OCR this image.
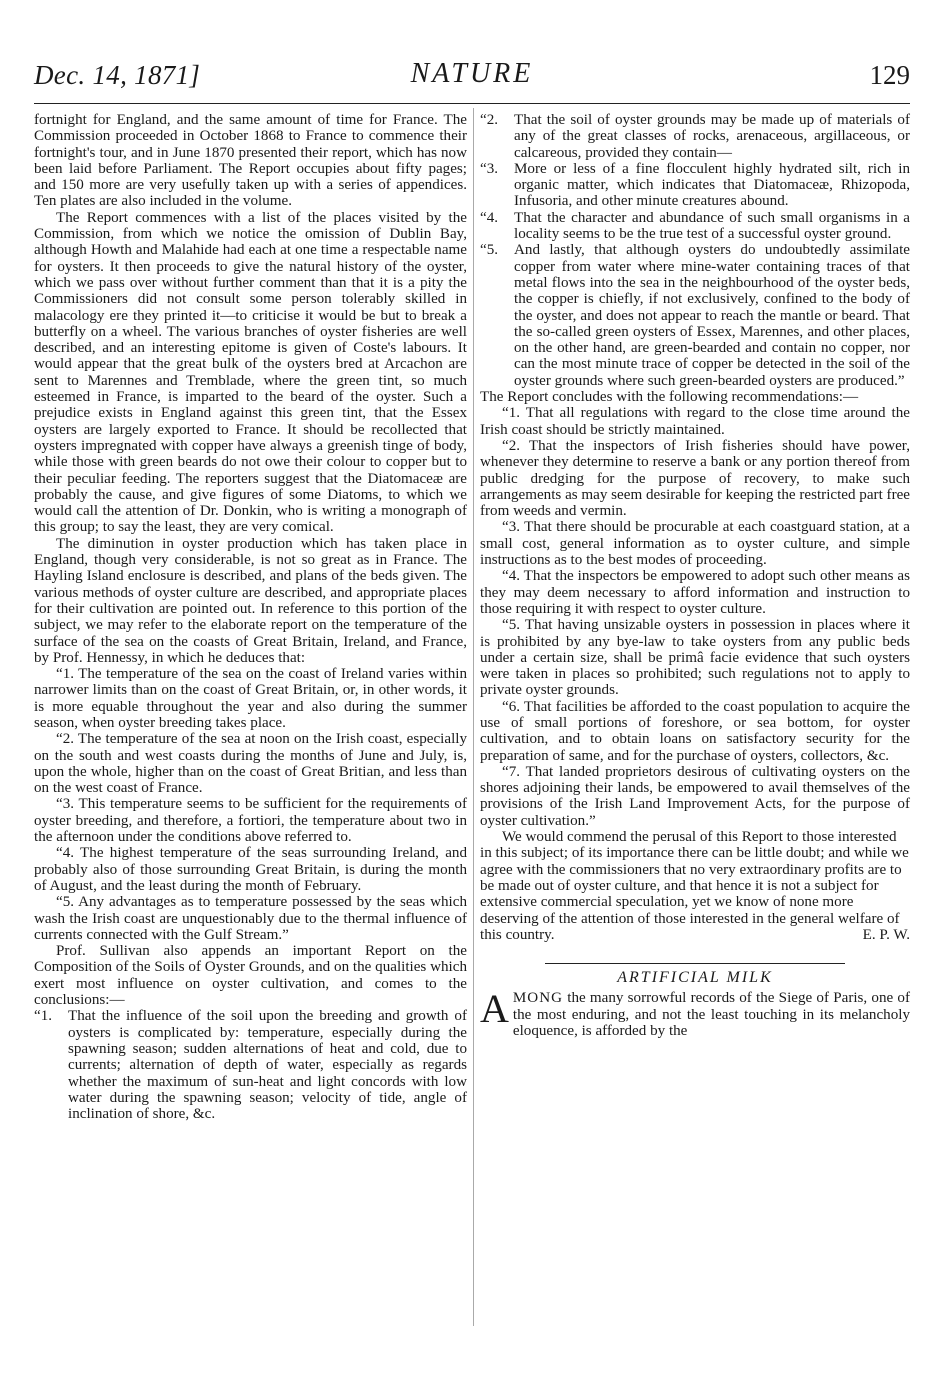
NATURE
Dec. 14, 1871]	129

fortnight for England, and the same amount of time for France. The Commission proceeded in October 1868 to France to commence their fortnight's tour, and in June 1870 presented their report, which has now been laid before Parliament. The Report occupies about fifty pages; and 150 more are very usefully taken up with a series of appendices. Ten plates are also included in the volume.

The Report commences with a list of the places visited by the Commission, from which we notice the omission of Dublin Bay, although Howth and Malahide had each at one time a respectable name for oysters. It then proceeds to give the natural history of the oyster, which we pass over without further comment than that it is a pity the Commissioners did not consult some person tolerably skilled in malacology ere they printed it—to criticise it would be but to break a butterfly on a wheel. The various branches of oyster fisheries are well described, and an interesting epitome is given of Coste's labours. It would appear that the great bulk of the oysters bred at Arcachon are sent to Marennes and Tremblade, where the green tint, so much esteemed in France, is imparted to the beard of the oyster. Such a prejudice exists in England against this green tint, that the Essex oysters are largely exported to France. It should be recollected that oysters impregnated with copper have always a greenish tinge of body, while those with green beards do not owe their colour to copper but to their peculiar feeding. The reporters suggest that the Diatomaceæ are probably the cause, and give figures of some Diatoms, to which we would call the attention of Dr. Donkin, who is writing a monograph of this group; to say the least, they are very comical.

The diminution in oyster production which has taken place in England, though very considerable, is not so great as in France. The Hayling Island enclosure is described, and plans of the beds given. The various methods of oyster culture are described, and appropriate places for their cultivation are pointed out. In reference to this portion of the subject, we may refer to the elaborate report on the temperature of the surface of the sea on the coasts of Great Britain, Ireland, and France, by Prof. Hennessy, in which he deduces that:

“1. The temperature of the sea on the coast of Ireland varies within narrower limits than on the coast of Great Britain, or, in other words, it is more equable throughout the year and also during the summer season, when oyster breeding takes place.

“2. The temperature of the sea at noon on the Irish coast, especially on the south and west coasts during the months of June and July, is, upon the whole, higher than on the coast of Great Britian, and less than on the west coast of France.

“3. This temperature seems to be sufficient for the requirements of oyster breeding, and therefore, a fortiori, the temperature about two in the afternoon under the conditions above referred to.

“4. The highest temperature of the seas surrounding Ireland, and probably also of those surrounding Great Britain, is during the month of August, and the least during the month of February.

“5. Any advantages as to temperature possessed by the seas which wash the Irish coast are unquestionably due to the thermal influence of currents connected with the Gulf Stream.”

Prof. Sullivan also appends an important Report on the Composition of the Soils of Oyster Grounds, and on the qualities which exert most influence on oyster cultivation, and comes to the conclusions:—

“1. That the influence of the soil upon the breeding and growth of oysters is complicated by: temperature, especially during the spawning season; sudden alternations of heat and cold, due to currents; alternation of depth of water, especially as regards whether the maximum of sun-heat and light concords with low water during the spawning season; velocity of tide, angle of inclination of shore, &c.

“2. That the soil of oyster grounds may be made up of materials of any of the great classes of rocks, arenaceous, argillaceous, or calcareous, provided they contain—

“3. More or less of a fine flocculent highly hydrated silt, rich in organic matter, which indicates that Diatomaceæ, Rhizopoda, Infusoria, and other minute creatures abound.

“4. That the character and abundance of such small organisms in a locality seems to be the true test of a successful oyster ground.

“5. And lastly, that although oysters do undoubtedly assimilate copper from water where mine-water containing traces of that metal flows into the sea in the neighbourhood of the oyster beds, the copper is chiefly, if not exclusively, confined to the body of the oyster, and does not appear to reach the mantle or beard. That the so-called green oysters of Essex, Marennes, and other places, on the other hand, are green-bearded and contain no copper, nor can the most minute trace of copper be detected in the soil of the oyster grounds where such green-bearded oysters are produced.”

The Report concludes with the following recommendations:—

“1. That all regulations with regard to the close time around the Irish coast should be strictly maintained.

“2. That the inspectors of Irish fisheries should have power, whenever they determine to reserve a bank or any portion thereof from public dredging for the purpose of recovery, to make such arrangements as may seem desirable for keeping the restricted part free from weeds and vermin.

“3. That there should be procurable at each coastguard station, at a small cost, general information as to oyster culture, and simple instructions as to the best modes of proceeding.

“4. That the inspectors be empowered to adopt such other means as they may deem necessary to afford information and instruction to those requiring it with respect to oyster culture.

“5. That having unsizable oysters in possession in places where it is prohibited by any bye-law to take oysters from any public beds under a certain size, shall be primâ facie evidence that such oysters were taken in places so prohibited; such regulations not to apply to private oyster grounds.

“6. That facilities be afforded to the coast population to acquire the use of small portions of foreshore, or sea bottom, for oyster cultivation, and to obtain loans on satisfactory security for the preparation of same, and for the purchase of oysters, collectors, &c.

“7. That landed proprietors desirous of cultivating oysters on the shores adjoining their lands, be empowered to avail themselves of the provisions of the Irish Land Improvement Acts, for the purpose of oyster cultivation.”

We would commend the perusal of this Report to those interested in this subject; of its importance there can be little doubt; and while we agree with the commissioners that no very extraordinary profits are to be made out of oyster culture, and that hence it is not a subject for extensive commercial speculation, yet we know of none more deserving of the attention of those interested in the general welfare of this country.	E. P. W.

ARTIFICIAL MILK

AMONG the many sorrowful records of the Siege of Paris, one of the most enduring, and not the least touching in its melancholy eloquence, is afforded by the
